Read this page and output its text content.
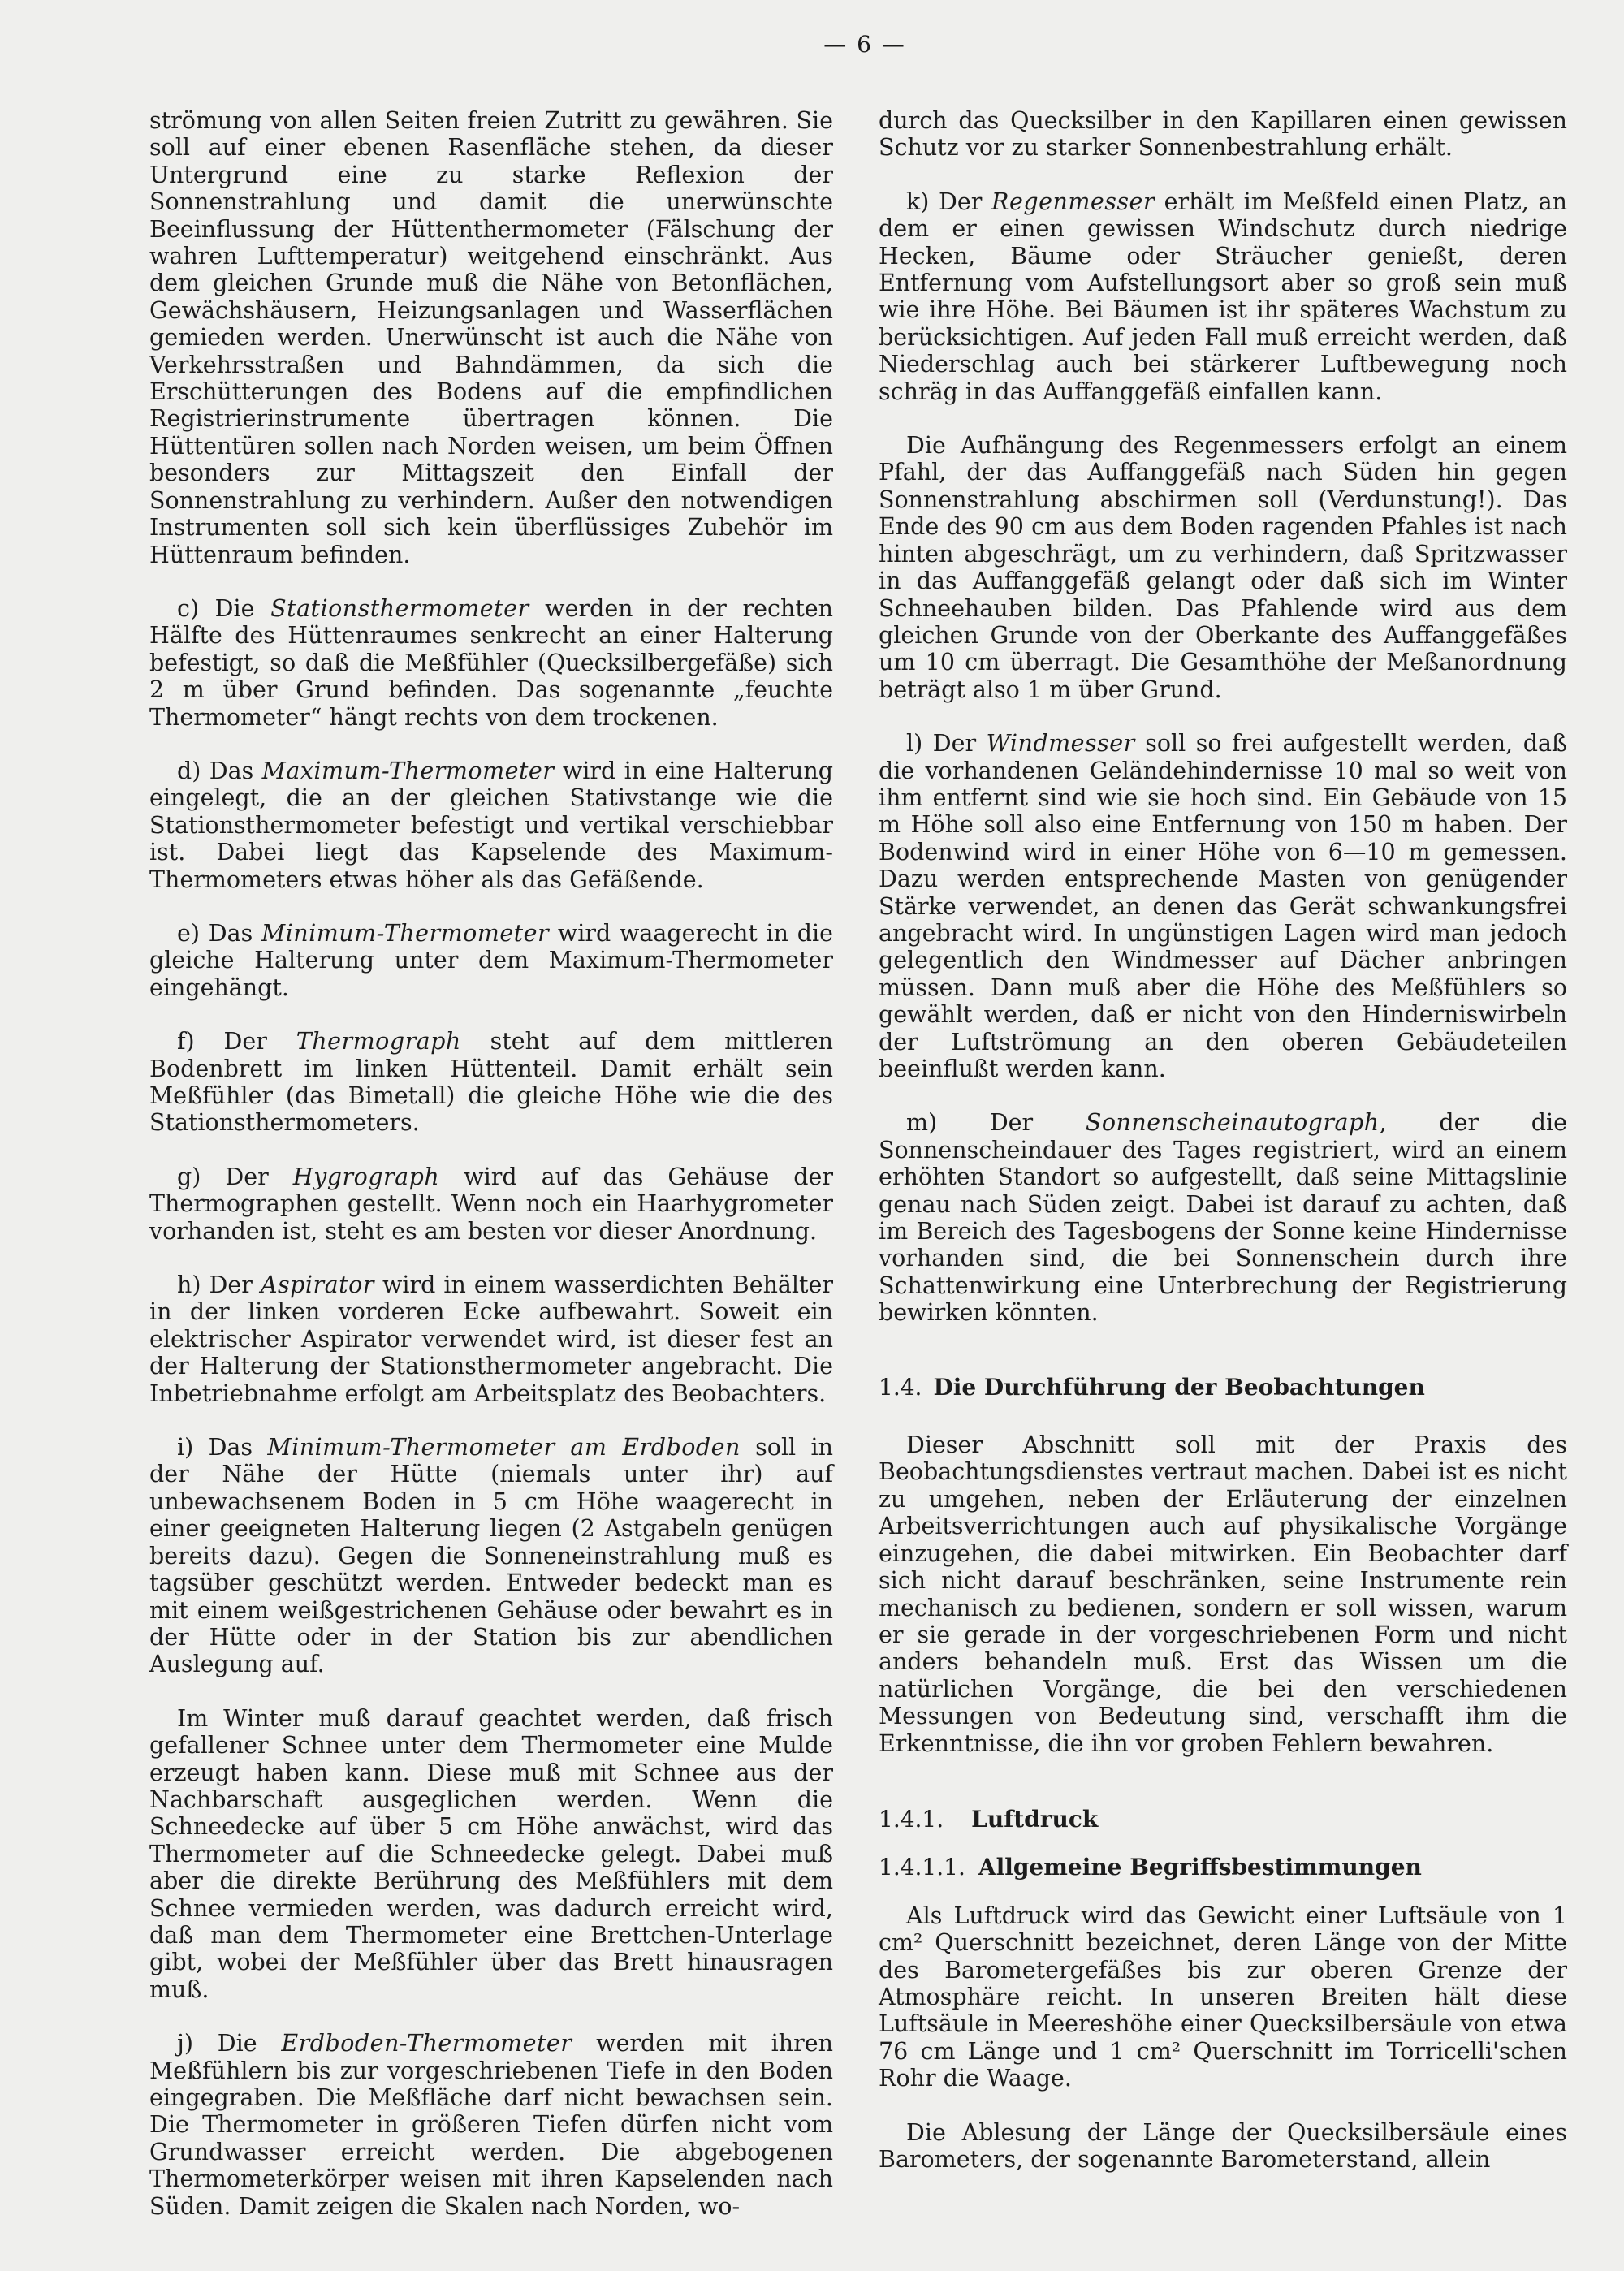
— 6 —

strömung von allen Seiten freien Zutritt zu gewähren. Sie soll auf einer ebenen Rasenfläche stehen, da dieser Untergrund eine zu starke Reflexion der Sonnenstrahlung und damit die unerwünschte Beeinflussung der Hüttenthermometer (Fälschung der wahren Lufttemperatur) weitgehend einschränkt. Aus dem gleichen Grunde muß die Nähe von Betonflächen, Gewächshäusern, Heizungsanlagen und Wasserflächen gemieden werden. Unerwünscht ist auch die Nähe von Verkehrsstraßen und Bahndämmen, da sich die Erschütterungen des Bodens auf die empfindlichen Registrierinstrumente übertragen können. Die Hüttentüren sollen nach Norden weisen, um beim Öffnen besonders zur Mittagszeit den Einfall der Sonnenstrahlung zu verhindern. Außer den notwendigen Instrumenten soll sich kein überflüssiges Zubehör im Hüttenraum befinden.

c) Die Stationsthermometer werden in der rechten Hälfte des Hüttenraumes senkrecht an einer Halterung befestigt, so daß die Meßfühler (Quecksilbergefäße) sich 2 m über Grund befinden. Das sogenannte „feuchte Thermometer“ hängt rechts von dem trockenen.

d) Das Maximum-Thermometer wird in eine Halterung eingelegt, die an der gleichen Stativstange wie die Stationsthermometer befestigt und vertikal verschiebbar ist. Dabei liegt das Kapselende des Maximum-Thermometers etwas höher als das Gefäßende.

e) Das Minimum-Thermometer wird waagerecht in die gleiche Halterung unter dem Maximum-Thermometer eingehängt.

f) Der Thermograph steht auf dem mittleren Bodenbrett im linken Hüttenteil. Damit erhält sein Meßfühler (das Bimetall) die gleiche Höhe wie die des Stationsthermometers.

g) Der Hygrograph wird auf das Gehäuse der Thermographen gestellt. Wenn noch ein Haarhygrometer vorhanden ist, steht es am besten vor dieser Anordnung.

h) Der Aspirator wird in einem wasserdichten Behälter in der linken vorderen Ecke aufbewahrt. Soweit ein elektrischer Aspirator verwendet wird, ist dieser fest an der Halterung der Stationsthermometer angebracht. Die Inbetriebnahme erfolgt am Arbeitsplatz des Beobachters.

i) Das Minimum-Thermometer am Erdboden soll in der Nähe der Hütte (niemals unter ihr) auf unbewachsenem Boden in 5 cm Höhe waagerecht in einer geeigneten Halterung liegen (2 Astgabeln genügen bereits dazu). Gegen die Sonneneinstrahlung muß es tagsüber geschützt werden. Entweder bedeckt man es mit einem weißgestrichenen Gehäuse oder bewahrt es in der Hütte oder in der Station bis zur abendlichen Auslegung auf.

Im Winter muß darauf geachtet werden, daß frisch gefallener Schnee unter dem Thermometer eine Mulde erzeugt haben kann. Diese muß mit Schnee aus der Nachbarschaft ausgeglichen werden. Wenn die Schneedecke auf über 5 cm Höhe anwächst, wird das Thermometer auf die Schneedecke gelegt. Dabei muß aber die direkte Berührung des Meßfühlers mit dem Schnee vermieden werden, was dadurch erreicht wird, daß man dem Thermometer eine Brettchen-Unterlage gibt, wobei der Meßfühler über das Brett hinausragen muß.

j) Die Erdboden-Thermometer werden mit ihren Meßfühlern bis zur vorgeschriebenen Tiefe in den Boden eingegraben. Die Meßfläche darf nicht bewachsen sein. Die Thermometer in größeren Tiefen dürfen nicht vom Grundwasser erreicht werden. Die abgebogenen Thermometerkörper weisen mit ihren Kapselenden nach Süden. Damit zeigen die Skalen nach Norden, wo-

durch das Quecksilber in den Kapillaren einen gewissen Schutz vor zu starker Sonnenbestrahlung erhält.

k) Der Regenmesser erhält im Meßfeld einen Platz, an dem er einen gewissen Windschutz durch niedrige Hecken, Bäume oder Sträucher genießt, deren Entfernung vom Aufstellungsort aber so groß sein muß wie ihre Höhe. Bei Bäumen ist ihr späteres Wachstum zu berücksichtigen. Auf jeden Fall muß erreicht werden, daß Niederschlag auch bei stärkerer Luftbewegung noch schräg in das Auffanggefäß einfallen kann.

Die Aufhängung des Regenmessers erfolgt an einem Pfahl, der das Auffanggefäß nach Süden hin gegen Sonnenstrahlung abschirmen soll (Verdunstung!). Das Ende des 90 cm aus dem Boden ragenden Pfahles ist nach hinten abgeschrägt, um zu verhindern, daß Spritzwasser in das Auffanggefäß gelangt oder daß sich im Winter Schneehauben bilden. Das Pfahlende wird aus dem gleichen Grunde von der Oberkante des Auffanggefäßes um 10 cm überragt. Die Gesamthöhe der Meßanordnung beträgt also 1 m über Grund.

l) Der Windmesser soll so frei aufgestellt werden, daß die vorhandenen Geländehindernisse 10 mal so weit von ihm entfernt sind wie sie hoch sind. Ein Gebäude von 15 m Höhe soll also eine Entfernung von 150 m haben. Der Bodenwind wird in einer Höhe von 6—10 m gemessen. Dazu werden entsprechende Masten von genügender Stärke verwendet, an denen das Gerät schwankungsfrei angebracht wird. In ungünstigen Lagen wird man jedoch gelegentlich den Windmesser auf Dächer anbringen müssen. Dann muß aber die Höhe des Meßfühlers so gewählt werden, daß er nicht von den Hinderniswirbeln der Luftströmung an den oberen Gebäudeteilen beeinflußt werden kann.

m) Der Sonnenscheinautograph, der die Sonnenscheindauer des Tages registriert, wird an einem erhöhten Standort so aufgestellt, daß seine Mittagslinie genau nach Süden zeigt. Dabei ist darauf zu achten, daß im Bereich des Tagesbogens der Sonne keine Hindernisse vorhanden sind, die bei Sonnenschein durch ihre Schattenwirkung eine Unterbrechung der Registrierung bewirken könnten.

1.4. Die Durchführung der Beobachtungen

Dieser Abschnitt soll mit der Praxis des Beobachtungsdienstes vertraut machen. Dabei ist es nicht zu umgehen, neben der Erläuterung der einzelnen Arbeitsverrichtungen auch auf physikalische Vorgänge einzugehen, die dabei mitwirken. Ein Beobachter darf sich nicht darauf beschränken, seine Instrumente rein mechanisch zu bedienen, sondern er soll wissen, warum er sie gerade in der vorgeschriebenen Form und nicht anders behandeln muß. Erst das Wissen um die natürlichen Vorgänge, die bei den verschiedenen Messungen von Bedeutung sind, verschafft ihm die Erkenntnisse, die ihn vor groben Fehlern bewahren.

1.4.1. Luftdruck
1.4.1.1. Allgemeine Begriffsbestimmungen

Als Luftdruck wird das Gewicht einer Luftsäule von 1 cm² Querschnitt bezeichnet, deren Länge von der Mitte des Barometergefäßes bis zur oberen Grenze der Atmosphäre reicht. In unseren Breiten hält diese Luftsäule in Meereshöhe einer Quecksilbersäule von etwa 76 cm Länge und 1 cm² Querschnitt im Torricelli'schen Rohr die Waage.

Die Ablesung der Länge der Quecksilbersäule eines Barometers, der sogenannte Barometerstand, allein
